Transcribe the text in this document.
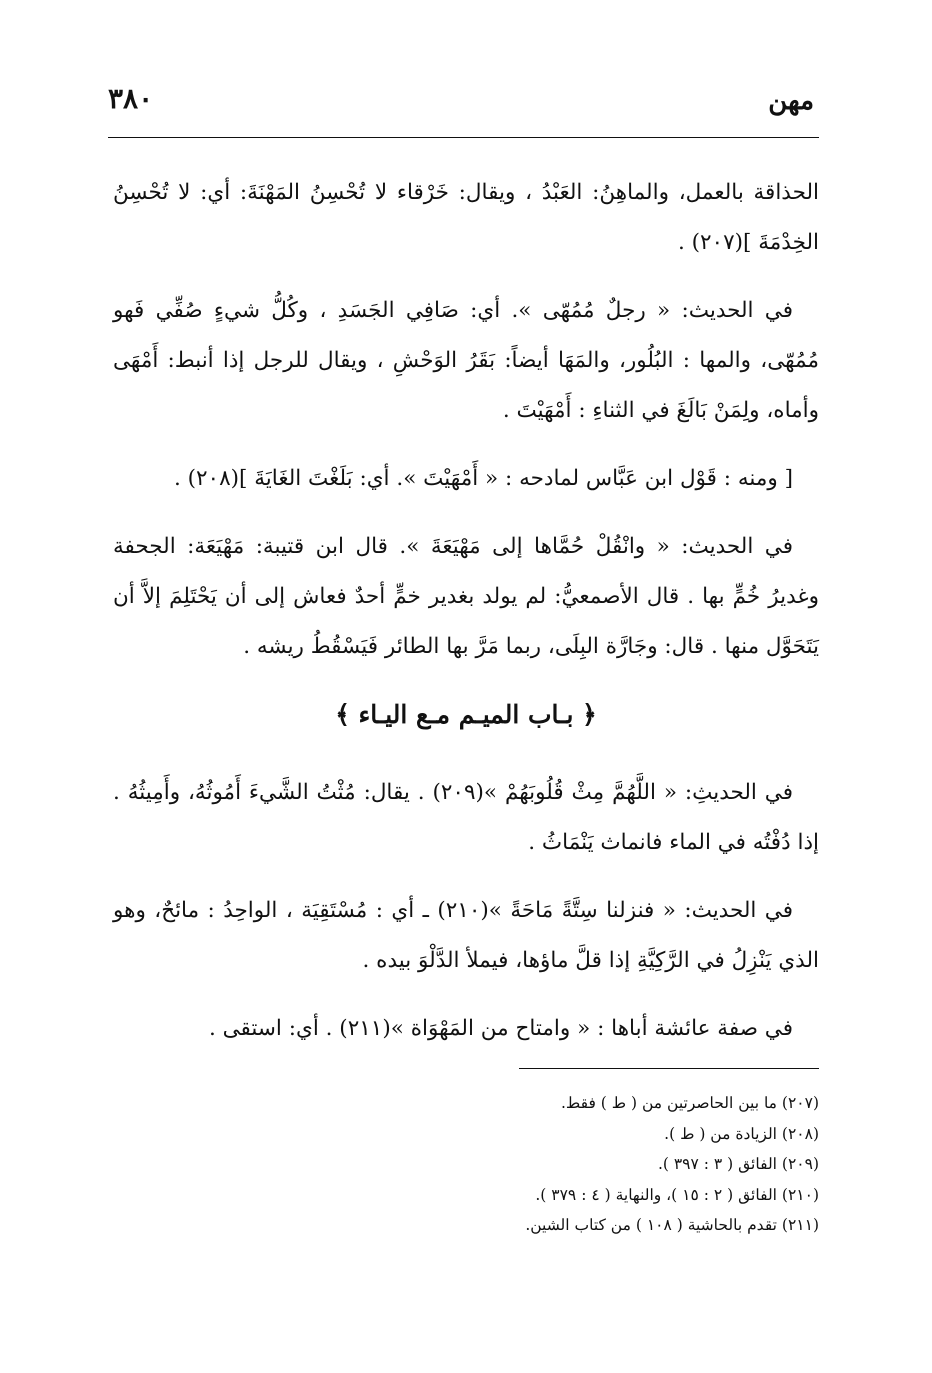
٣٨٠	مهن

الحذاقة بالعمل، والماهِنُ: العَبْدُ ، ويقال: خَرْقاء لا تُحْسِنُ المَهْنَةَ: أي: لا تُحْسِنُ الخِدْمَةَ ](٢٠٧) .

في الحديث: « رجلٌ مُمُهّى ». أي: صَافِي الجَسَدِ ، وكُلُّ شيءٍ صُفِّي فَهو مُمُهّى، والمها : البُلُور، والمَهَا أيضاً: بَقَرُ الوَحْشِ ، ويقال للرجل إذا أنبط: أَمْهَى وأماه، ولِمَنْ بَالَغَ في الثناءِ : أَمْهَيْتَ .

[ ومنه : قَوْل ابن عَبَّاس لمادحه : « أَمْهَيْتَ ». أي: بَلَغْتَ الغَايَةَ ](٢٠٨) .

في الحديث: « وانْقُلْ حُمَّاها إلى مَهْيَعَةَ ». قال ابن قتيبة: مَهْيَعَة: الجحفة وغديرُ خُمٍّ بها . قال الأصمعيُّ: لم يولد بغدير خمٍّ أحدٌ فعاش إلى أن يَحْتَلِمَ إلاَّ أن يَتَحَوَّل منها . قال: وجَارَّة البِلَى، ربما مَرَّ بها الطائر فَيَسْقُطُ ريشه .

﴿ بـاب الميـم مـع اليـاء ﴾

في الحديثِ: « اللَّهُمَّ مِثْ قُلُوبَهُمْ »(٢٠٩) . يقال: مُثْتُ الشَّيءَ أَمُوثُهُ، وأَمِيثُهُ . إذا دُفْتُه في الماء فانماث يَنْمَاثُ .

في الحديث: « فنزلنا سِتَّةً مَاحَةً »(٢١٠) ـ أي : مُسْتَقِيَة ، الواحِدُ : مائحٌ، وهو الذي يَنْزِلُ في الرَّكِيَّةِ إذا قلَّ ماؤها، فيملأ الدَّلْوَ بيده .

في صفة عائشة أباها : « وامتاح من المَهْوَاة »(٢١١) . أي: استقى .

(٢٠٧) ما بين الحاصرتين من ( ط ) فقط.

(٢٠٨) الزيادة من ( ط ).

(٢٠٩) الفائق ( ٣ : ٣٩٧ ).

(٢١٠) الفائق ( ٢ : ١٥ )، والنهاية ( ٤ : ٣٧٩ ).

(٢١١) تقدم بالحاشية ( ١٠٨ ) من كتاب الشين.
